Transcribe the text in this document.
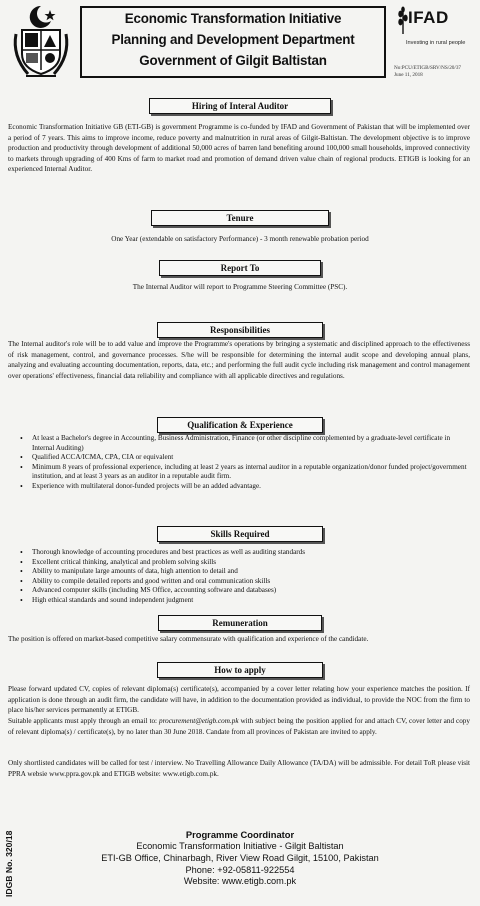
Economic Transformation Initiative
Planning and Development Department
Government of Gilgit Baltistan
IFAD
Investing in rural people
No:PCU/ETIGB/SRV/NS/20/37
June 11, 2018
Hiring of Interal Auditor

Economic Transformation Initiative GB (ETI-GB) is government Programme is co-funded by IFAD and Government of Pakistan that will be implemented over a period of 7 years. This aims to improve income, reduce poverty and malnutrition in rural areas of Gilgit-Baltistan. The development objective is to improve production and productivity through development of additional 50,000 acres of barren land benefiting around 100,000 small households, improved connectivity to markets through upgrading of 400 Kms of farm to market road and promotion of demand driven value chain of regional products. ETIGB is looking for an experienced Internal Auditor.

Tenure
One Year (extendable on satisfactory Performance) - 3 month renewable probation period
Report To
The Internal Auditor will report to Programme Steering Committee (PSC).
Responsibilities

The Internal auditor's role will be to add value and improve the Programme's operations by bringing a systematic and disciplined approach to the effectiveness of risk management, control, and governance processes. S/he will be responsible for determining the internal audit scope and developing annual plans, analyzing and evaluating accounting documentation, reports, data, etc.; and performing the full audit cycle including risk management and control management over operations' effectiveness, financial data reliability and compliance with all applicable directives and regulations.

Qualification & Experience
• At least a Bachelor's degree in Accounting, Business Administration, Finance (or other discipline complemented by a graduate-level certificate in Internal Auditing)
• Qualified ACCA/ICMA, CPA, CIA or equivalent
• Minimum 8 years of professional experience, including at least 2 years as internal auditor in a reputable organization/donor funded project/government institution, and at least 3 years as an auditor in a reputable audit firm.
• Experience with multilateral donor-funded projects will be an added advantage.
Skills Required
• Thorough knowledge of accounting procedures and best practices as well as auditing standards
• Excellent critical thinking, analytical and problem solving skills
• Ability to manipulate large amounts of data, high attention to detail and
• Ability to compile detailed reports and good written and oral communication skills
• Advanced computer skills (including MS Office, accounting software and databases)
• High ethical standards and sound independent judgment
Remuneration
The position is offered on market-based competitive salary commensurate with qualification and experience of the candidate.
How to apply

Please forward updated CV, copies of relevant diploma(s) certificate(s), accompanied by a cover letter relating how your experience matches the position. If application is done through an audit firm, the candidate will have, in addition to the documentation provided as individual, to provide the NOC from the firm to place his/her services permanently at ETIGB.

Suitable applicants must apply through an email to: procurement@etigb.com.pk with subject being the position applied for and attach CV, cover letter and copy of relevant diploma(s) / certificate(s), by no later than 30 June 2018. Candate from all provinces of Pakistan are invited to apply.

Only shortlisted candidates will be called for test / interview. No Travelling Allowance Daily Allowance (TA/DA) will be admissible. For detail ToR please visit PPRA websie www.ppra.gov.pk and ETIGB website: www.etigb.com.pk.

Programme Coordinator
Economic Transformation Initiative - Gilgit Baltistan
ETI-GB Office, Chinarbagh, River View Road Gilgit, 15100, Pakistan
Phone: +92-05811-922554
Website: www.etigb.com.pk
IDGB No. 320/18
